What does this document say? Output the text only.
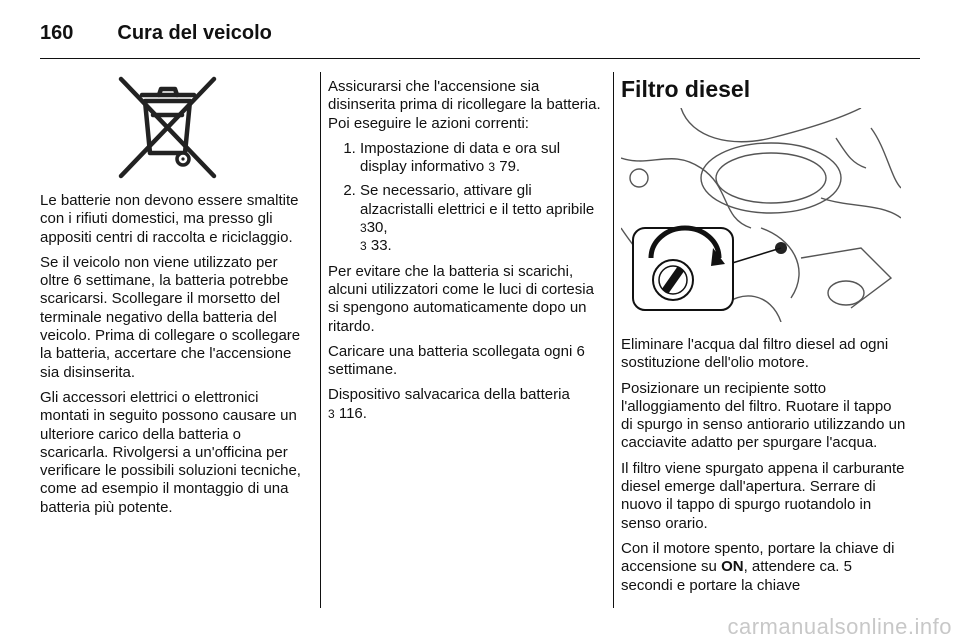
160 Cura del veicolo

Le batterie non devono essere smaltite con i rifiuti domestici, ma presso gli appositi centri di raccolta e riciclaggio.

Se il veicolo non viene utilizzato per oltre 6 settimane, la batteria potrebbe scaricarsi. Scollegare il morsetto del terminale negativo della batteria del veicolo. Prima di collegare o scollegare la batteria, accertare che l'accensione sia disinserita.

Gli accessori elettrici o elettronici montati in seguito possono causare un ulteriore carico della batteria o scaricarla. Rivolgersi a un'officina per verificare le possibili soluzioni tecniche, come ad esempio il montaggio di una batteria più potente.

Assicurarsi che l'accensione sia disinserita prima di ricollegare la batteria. Poi eseguire le azioni correnti:

1. Impostazione di data e ora sul display informativo 3 79.
2. Se necessario, attivare gli alzacristalli elettrici e il tetto apribile 330,
3 33.

Per evitare che la batteria si scarichi, alcuni utilizzatori come le luci di cortesia si spengono automaticamente dopo un ritardo.

Caricare una batteria scollegata ogni 6 settimane.

Dispositivo salvacarica della batteria
3 116.

Filtro diesel

Eliminare l'acqua dal filtro diesel ad ogni sostituzione dell'olio motore.

Posizionare un recipiente sotto l'alloggiamento del filtro. Ruotare il tappo di spurgo in senso antiorario utilizzando un cacciavite adatto per spurgare l'acqua.

Il filtro viene spurgato appena il carburante diesel emerge dall'apertura. Serrare di nuovo il tappo di spurgo ruotandolo in senso orario.

Con il motore spento, portare la chiave di accensione su ON, attendere ca. 5 secondi e portare la chiave

carmanualsonline.info
